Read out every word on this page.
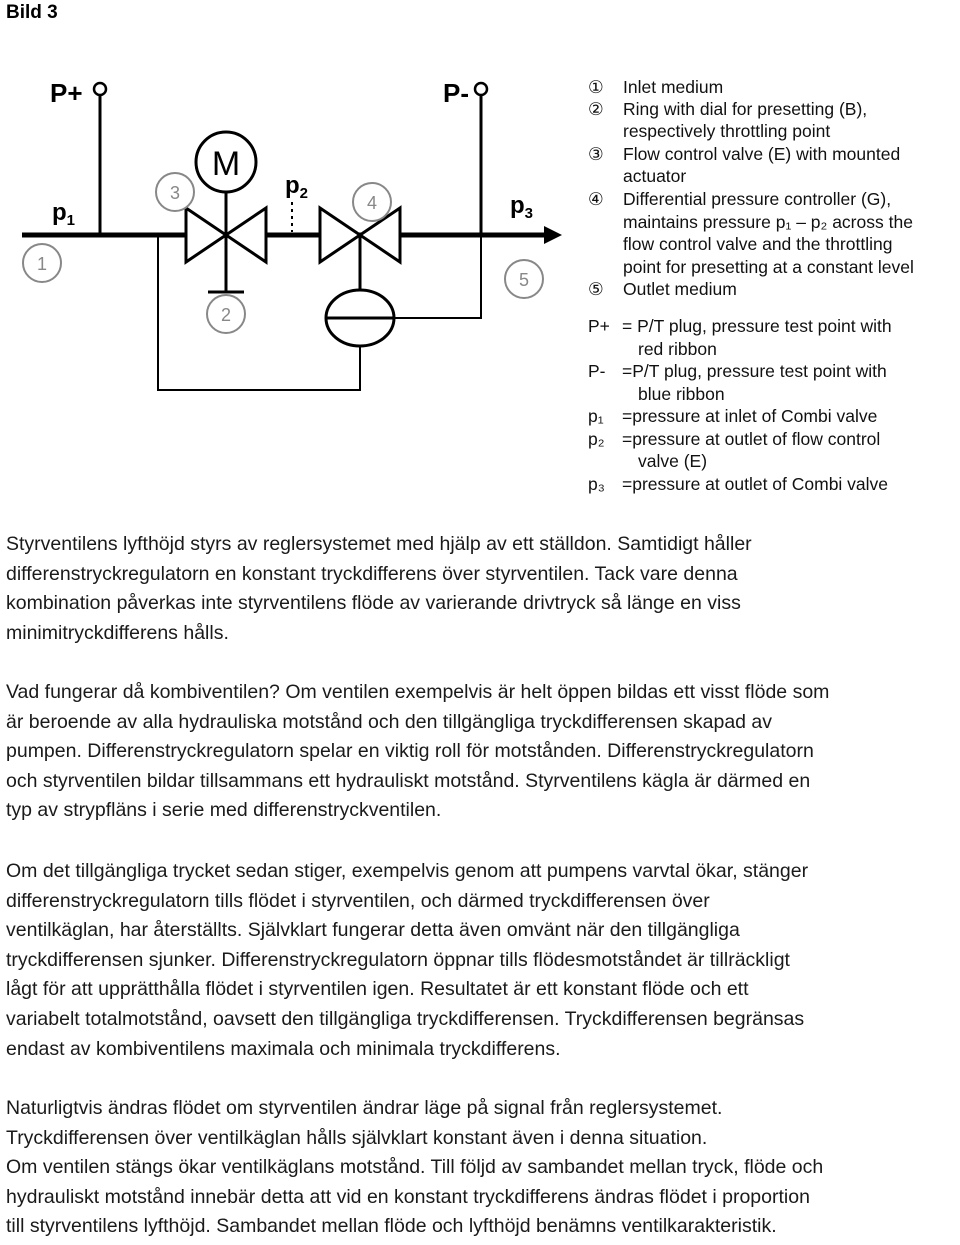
Bild 3
P+	P-
$p_1$
$p_2$	$p_3$
M
1
2
3	4
5
① Inlet medium
② Ring with dial for presetting (B),
respectively throttling point
③ Flow control valve (E) with mounted
actuator
④ Differential pressure controller (G),
maintains pressure p₁ – p₂ across the
flow control valve and the throttling
point for presetting at a constant level
⑤ Outlet medium
P+ = P/T plug, pressure test point with
red ribbon
P- =P/T plug, pressure test point with
blue ribbon
p₁ =pressure at inlet of Combi valve
p₂ =pressure at outlet of flow control
valve (E)
p₃ =pressure at outlet of Combi valve
Styrventilens lyfthöjd styrs av reglersystemet med hjälp av ett ställdon. Samtidigt håller
differenstryckregulatorn en konstant tryckdifferens över styrventilen. Tack vare denna
kombination påverkas inte styrventilens flöde av varierande drivtryck så länge en viss
minimitryckdifferens hålls.
Vad fungerar då kombiventilen? Om ventilen exempelvis är helt öppen bildas ett visst flöde som
är beroende av alla hydrauliska motstånd och den tillgängliga tryckdifferensen skapad av
pumpen. Differenstryckregulatorn spelar en viktig roll för motstånden. Differenstryckregulatorn
och styrventilen bildar tillsammans ett hydrauliskt motstånd. Styrventilens kägla är därmed en
typ av strypfläns i serie med differenstryckventilen.
Om det tillgängliga trycket sedan stiger, exempelvis genom att pumpens varvtal ökar, stänger
differenstryckregulatorn tills flödet i styrventilen, och därmed tryckdifferensen över
ventilkäglan, har återställts. Självklart fungerar detta även omvänt när den tillgängliga
tryckdifferensen sjunker. Differenstryckregulatorn öppnar tills flödesmotståndet är tillräckligt
lågt för att upprätthålla flödet i styrventilen igen. Resultatet är ett konstant flöde och ett
variabelt totalmotstånd, oavsett den tillgängliga tryckdifferensen. Tryckdifferensen begränsas
endast av kombiventilens maximala och minimala tryckdifferens.
Naturligtvis ändras flödet om styrventilen ändrar läge på signal från reglersystemet.
Tryckdifferensen över ventilkäglan hålls självklart konstant även i denna situation.
Om ventilen stängs ökar ventilkäglans motstånd. Till följd av sambandet mellan tryck, flöde och
hydrauliskt motstånd innebär detta att vid en konstant tryckdifferens ändras flödet i proportion
till styrventilens lyfthöjd. Sambandet mellan flöde och lyfthöjd benämns ventilkarakteristik.
